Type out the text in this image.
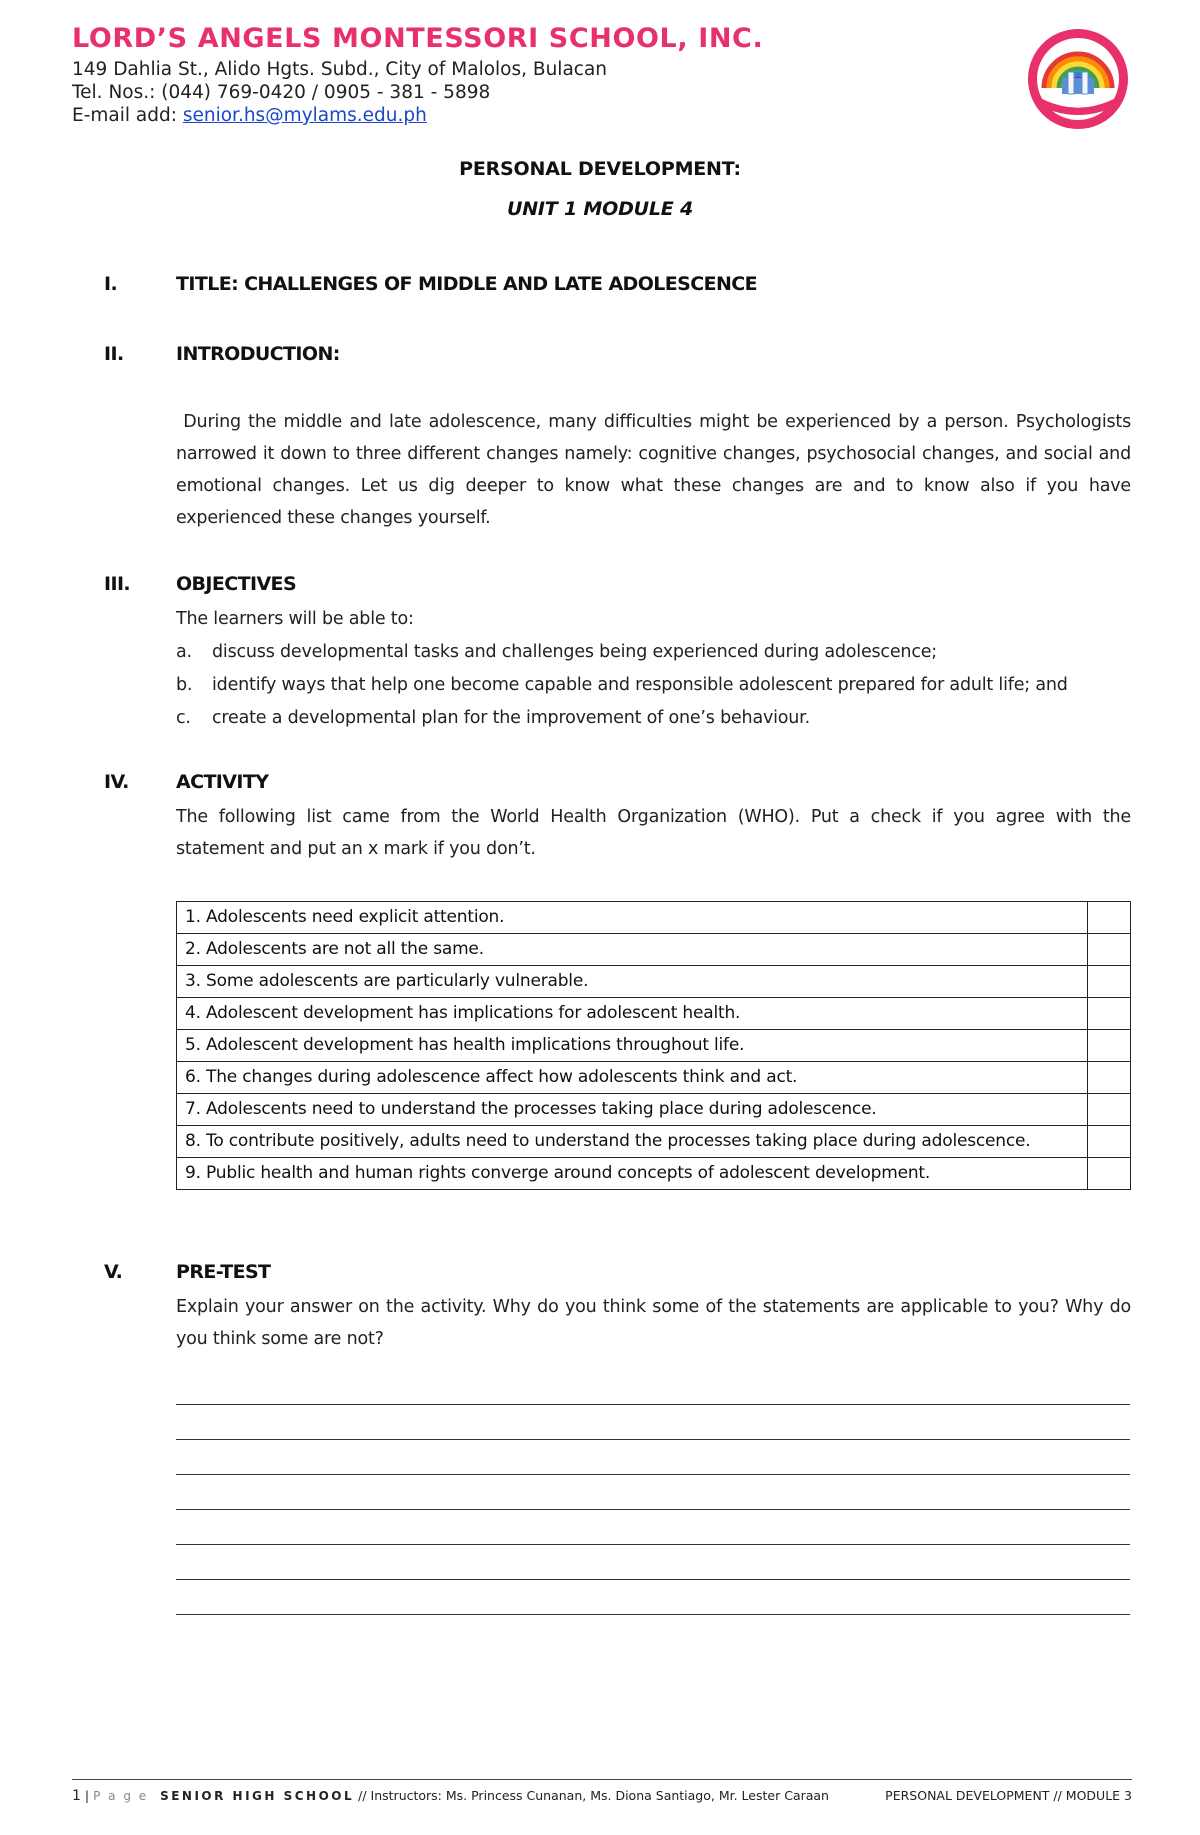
LORD’S ANGELS MONTESSORI SCHOOL, INC.
149 Dahlia St., Alido Hgts. Subd., City of Malolos, Bulacan
Tel. Nos.: (044) 769-0420 / 0905 - 381 - 5898
E-mail add: senior.hs@mylams.edu.ph
PERSONAL DEVELOPMENT:
UNIT 1 MODULE 4
I.	TITLE: CHALLENGES OF MIDDLE AND LATE ADOLESCENCE
II.	INTRODUCTION:
During the middle and late adolescence, many difficulties might be experienced by a person. Psychologists narrowed it down to three different changes namely: cognitive changes, psychosocial changes, and social and emotional changes. Let us dig deeper to know what these changes are and to know also if you have experienced these changes yourself.
III. OBJECTIVES
The learners will be able to:
a. discuss developmental tasks and challenges being experienced during adolescence;
b. identify ways that help one become capable and responsible adolescent prepared for adult life; and
c. create a developmental plan for the improvement of one’s behaviour.
IV. ACTIVITY
The following list came from the World Health Organization (WHO). Put a check if you agree with the statement and put an x mark if you don’t.
1. Adolescents need explicit attention.	
2. Adolescents are not all the same.	
3. Some adolescents are particularly vulnerable.	
4. Adolescent development has implications for adolescent health.	
5. Adolescent development has health implications throughout life.	
6. The changes during adolescence affect how adolescents think and act.	
7. Adolescents need to understand the processes taking place during adolescence.	
8. To contribute positively, adults need to understand the processes taking place during adolescence.	
9. Public health and human rights converge around concepts of adolescent development.	
V.	PRE-TEST
Explain your answer on the activity. Why do you think some of the statements are applicable to you? Why do you think some are not?
1 | P a g e SENIOR HIGH SCHOOL // Instructors: Ms. Princess Cunanan, Ms. Diona Santiago, Mr. Lester Caraan	PERSONAL DEVELOPMENT // MODULE 3
